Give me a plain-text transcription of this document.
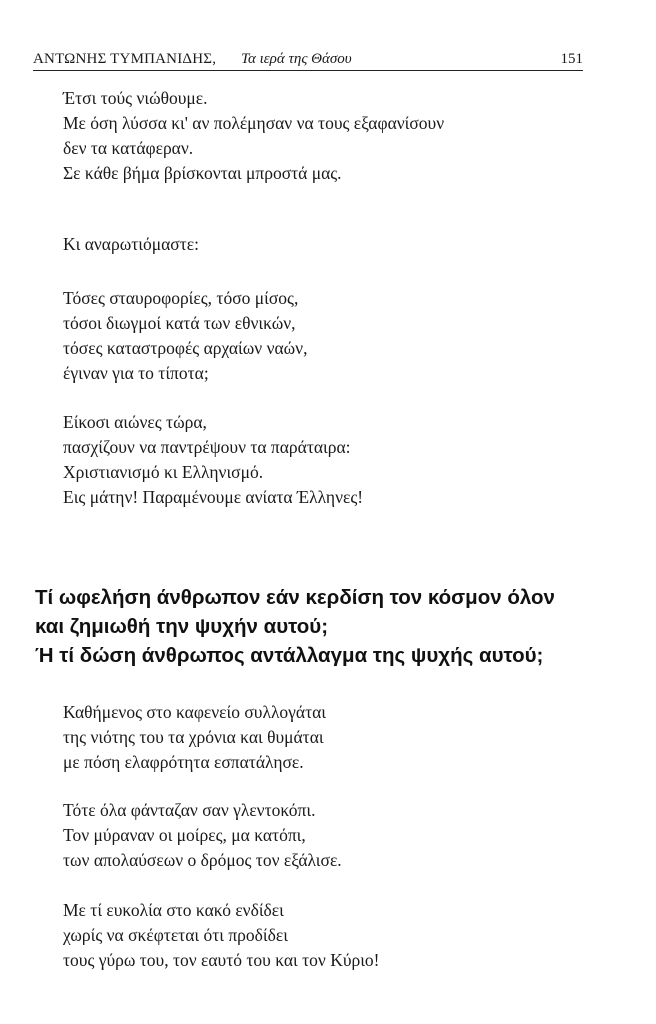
ΑΝΤΩΝΗΣ ΤΥΜΠΑΝΙΔΗΣ, Τα ιερά της Θάσου	151
Έτσι τούς νιώθουμε.
Με όση λύσσα κι' αν πολέμησαν να τους εξαφανίσουν
δεν τα κατάφεραν.
Σε κάθε βήμα βρίσκονται μπροστά μας.
Κι αναρωτιόμαστε:
Τόσες σταυροφορίες, τόσο μίσος,
τόσοι διωγμοί κατά των εθνικών,
τόσες καταστροφές αρχαίων ναών,
έγιναν για το τίποτα;
Είκοσι αιώνες τώρα,
πασχίζουν να παντρέψουν τα παράταιρα:
Χριστιανισμό κι Ελληνισμό.
Εις μάτην! Παραμένουμε ανίατα Έλληνες!
Τί ωφελήση άνθρωπον εάν κερδίση τον κόσμον όλον
και ζημιωθή την ψυχήν αυτού;
Ή τί δώση άνθρωπος αντάλλαγμα της ψυχής αυτού;
Καθήμενος στο καφενείο συλλογάται
της νιότης του τα χρόνια και θυμάται
με πόση ελαφρότητα εσπατάλησε.
Τότε όλα φάνταζαν σαν γλεντοκόπι.
Τον μύραναν οι μοίρες, μα κατόπι,
των απολαύσεων ο δρόμος τον εξάλισε.
Με τί ευκολία στο κακό ενδίδει
χωρίς να σκέφτεται ότι προδίδει
τους γύρω του, τον εαυτό του και τον Κύριο!
